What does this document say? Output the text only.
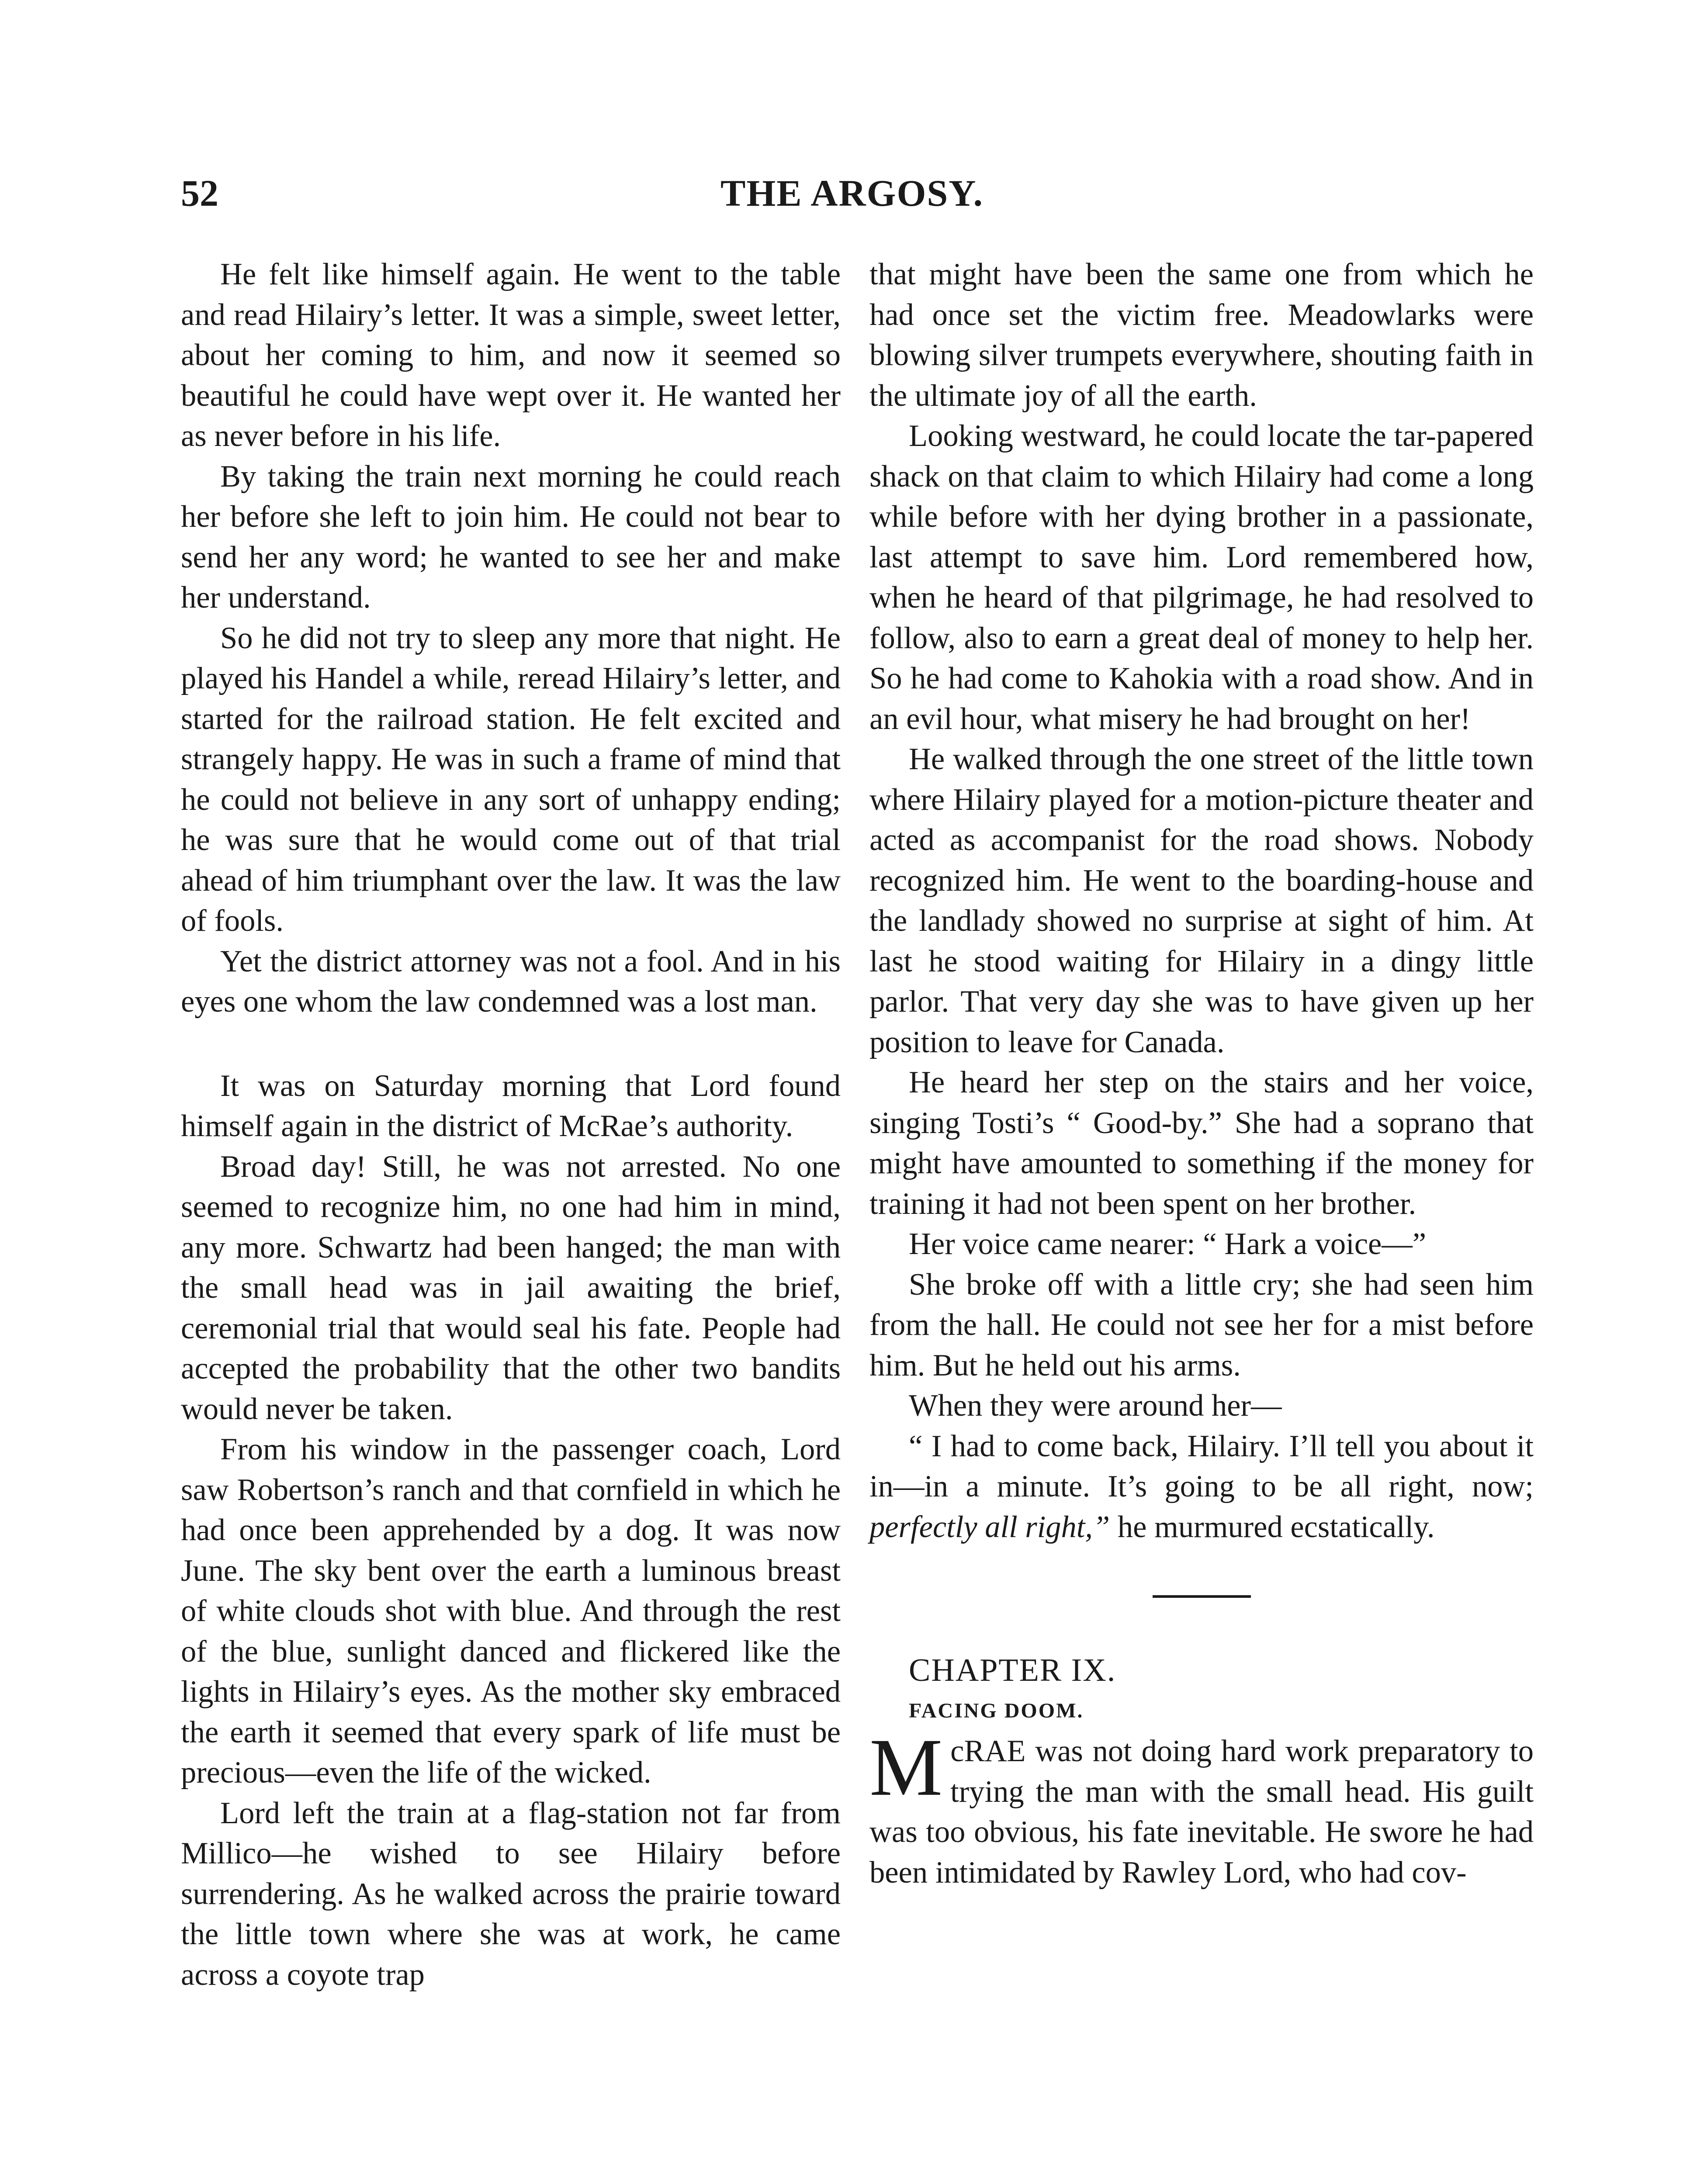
52	THE ARGOSY.

He felt like himself again. He went to the table and read Hilairy’s letter. It was a simple, sweet letter, about her coming to him, and now it seemed so beautiful he could have wept over it. He wanted her as never before in his life.

By taking the train next morning he could reach her before she left to join him. He could not bear to send her any word; he wanted to see her and make her understand.

So he did not try to sleep any more that night. He played his Handel a while, reread Hilairy’s letter, and started for the railroad station. He felt excited and strangely happy. He was in such a frame of mind that he could not believe in any sort of unhappy ending; he was sure that he would come out of that trial ahead of him triumphant over the law. It was the law of fools.

Yet the district attorney was not a fool. And in his eyes one whom the law condemned was a lost man.

It was on Saturday morning that Lord found himself again in the district of McRae’s authority.

Broad day! Still, he was not arrested. No one seemed to recognize him, no one had him in mind, any more. Schwartz had been hanged; the man with the small head was in jail awaiting the brief, ceremonial trial that would seal his fate. People had accepted the probability that the other two bandits would never be taken.

From his window in the passenger coach, Lord saw Robertson’s ranch and that cornfield in which he had once been apprehended by a dog. It was now June. The sky bent over the earth a luminous breast of white clouds shot with blue. And through the rest of the blue, sunlight danced and flickered like the lights in Hilairy’s eyes. As the mother sky embraced the earth it seemed that every spark of life must be precious—even the life of the wicked.

Lord left the train at a flag-station not far from Millico—he wished to see Hilairy before surrendering. As he walked across the prairie toward the little town where she was at work, he came across a coyote trap

that might have been the same one from which he had once set the victim free. Meadowlarks were blowing silver trumpets everywhere, shouting faith in the ultimate joy of all the earth.

Looking westward, he could locate the tar-papered shack on that claim to which Hilairy had come a long while before with her dying brother in a passionate, last attempt to save him. Lord remembered how, when he heard of that pilgrimage, he had resolved to follow, also to earn a great deal of money to help her. So he had come to Kahokia with a road show. And in an evil hour, what misery he had brought on her!

He walked through the one street of the little town where Hilairy played for a motion-picture theater and acted as accompanist for the road shows. Nobody recognized him. He went to the boarding-house and the landlady showed no surprise at sight of him. At last he stood waiting for Hilairy in a dingy little parlor. That very day she was to have given up her position to leave for Canada.

He heard her step on the stairs and her voice, singing Tosti’s “ Good-by.” She had a soprano that might have amounted to something if the money for training it had not been spent on her brother.

Her voice came nearer: “ Hark a voice—”

She broke off with a little cry; she had seen him from the hall. He could not see her for a mist before him. But he held out his arms.

When they were around her—

“ I had to come back, Hilairy. I’ll tell you about it in—in a minute. It’s going to be all right, now; perfectly all right,” he murmured ecstatically.

CHAPTER IX.

FACING DOOM.

McRAE was not doing hard work preparatory to trying the man with the small head. His guilt was too obvious, his fate inevitable. He swore he had been intimidated by Rawley Lord, who had cov-
